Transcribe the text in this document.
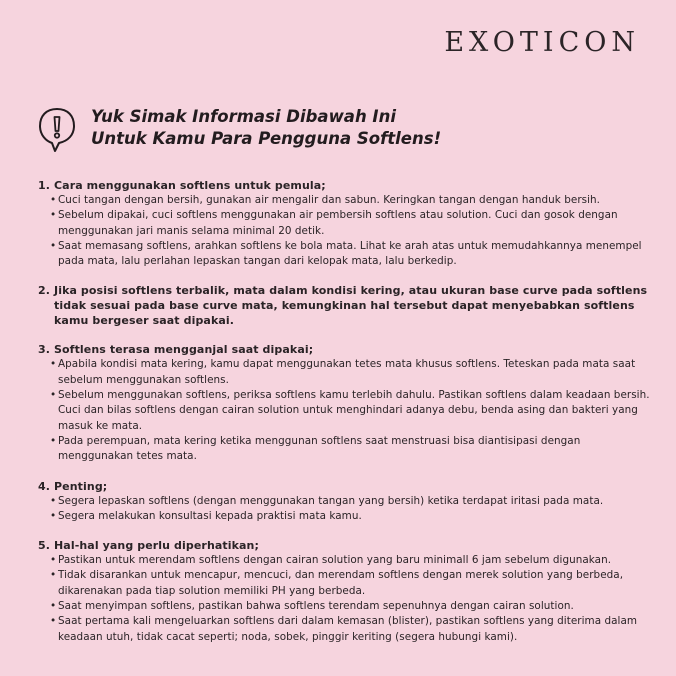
EXOTICON
Yuk Simak Informasi Dibawah Ini
Untuk Kamu Para Pengguna Softlens!
1. Cara menggunakan softlens untuk pemula;
• Cuci tangan dengan bersih, gunakan air mengalir dan sabun. Keringkan tangan dengan handuk bersih.
• Sebelum dipakai, cuci softlens menggunakan air pembersih softlens atau solution. Cuci dan gosok dengan menggunakan jari manis selama minimal 20 detik.
• Saat memasang softlens, arahkan softlens ke bola mata. Lihat ke arah atas untuk memudahkannya menempel pada mata, lalu perlahan lepaskan tangan dari kelopak mata, lalu berkedip.
2. Jika posisi softlens terbalik, mata dalam kondisi kering, atau ukuran base curve pada softlens tidak sesuai pada base curve mata, kemungkinan hal tersebut dapat menyebabkan softlens kamu bergeser saat dipakai.
3. Softlens terasa mengganjal saat dipakai;
• Apabila kondisi mata kering, kamu dapat menggunakan tetes mata khusus softlens. Teteskan pada mata saat sebelum menggunakan softlens.
• Sebelum menggunakan softlens, periksa softlens kamu terlebih dahulu. Pastikan softlens dalam keadaan bersih. Cuci dan bilas softlens dengan cairan solution untuk menghindari adanya debu, benda asing dan bakteri yang masuk ke mata.
• Pada perempuan, mata kering ketika menggunan softlens saat menstruasi bisa diantisipasi dengan menggunakan tetes mata.
4. Penting;
• Segera lepaskan softlens (dengan menggunakan tangan yang bersih) ketika terdapat iritasi pada mata.
• Segera melakukan konsultasi kepada praktisi mata kamu.
5. Hal-hal yang perlu diperhatikan;
• Pastikan untuk merendam softlens dengan cairan solution yang baru minimall 6 jam sebelum digunakan.
• Tidak disarankan untuk mencapur, mencuci, dan merendam softlens dengan merek solution yang berbeda, dikarenakan pada tiap solution memiliki PH yang berbeda.
• Saat menyimpan softlens, pastikan bahwa softlens terendam sepenuhnya dengan cairan solution.
• Saat pertama kali mengeluarkan softlens dari dalam kemasan (blister), pastikan softlens yang diterima dalam keadaan utuh, tidak cacat seperti; noda, sobek, pinggir keriting (segera hubungi kami).
